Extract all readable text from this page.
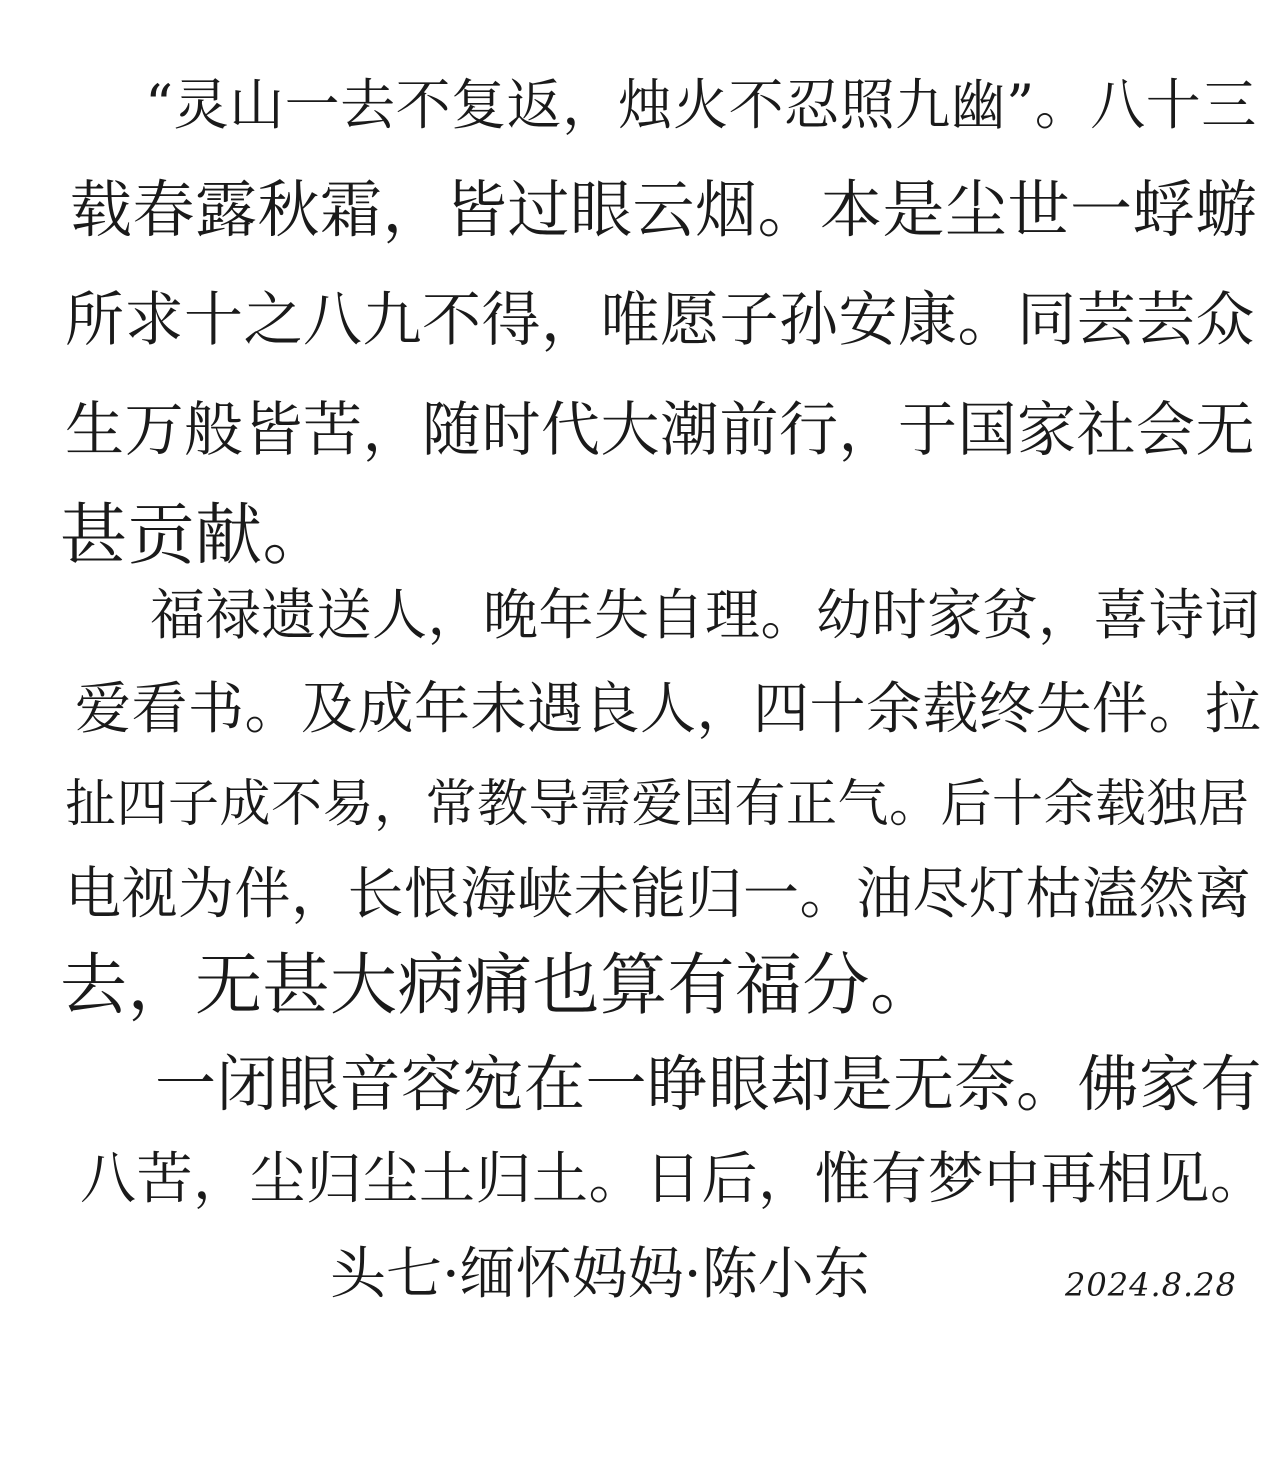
“灵山一去不复返，烛火不忍照九幽”。八十三
载春露秋霜，皆过眼云烟。本是尘世一蜉蝣
所求十之八九不得，唯愿子孙安康。同芸芸众
生万般皆苦，随时代大潮前行，于国家社会无
甚贡献。
福禄遗送人，晚年失自理。幼时家贫，喜诗词
爱看书。及成年未遇良人，四十余载终失伴。拉
扯四子成不易，常教导需爱国有正气。后十余载独居
电视为伴，长恨海峡未能归一。油尽灯枯溘然离
去，无甚大病痛也算有福分。
一闭眼音容宛在一睁眼却是无奈。佛家有
八苦，尘归尘土归土。日后，惟有梦中再相见。
头七·缅怀妈妈·陈小东	2024.8.28
